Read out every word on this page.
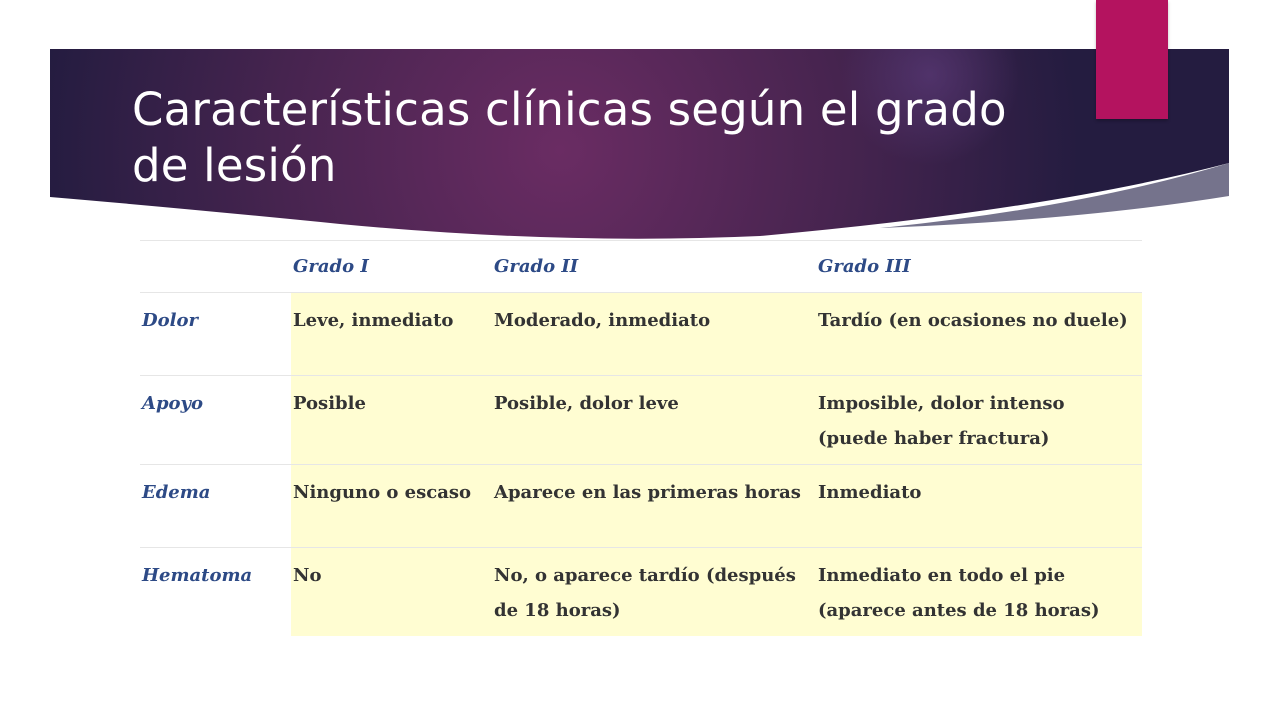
Características clínicas según el grado de lesión
	Grado I	Grado II	Grado III
Dolor	Leve, inmediato	Moderado, inmediato	Tardío (en ocasiones no duele)
Apoyo	Posible	Posible, dolor leve	Imposible, dolor intenso (puede haber fractura)
Edema	Ninguno o escaso	Aparece en las primeras horas	Inmediato
Hematoma	No	No, o aparece tardío (después de 18 horas)	Inmediato en todo el pie (aparece antes de 18 horas)
